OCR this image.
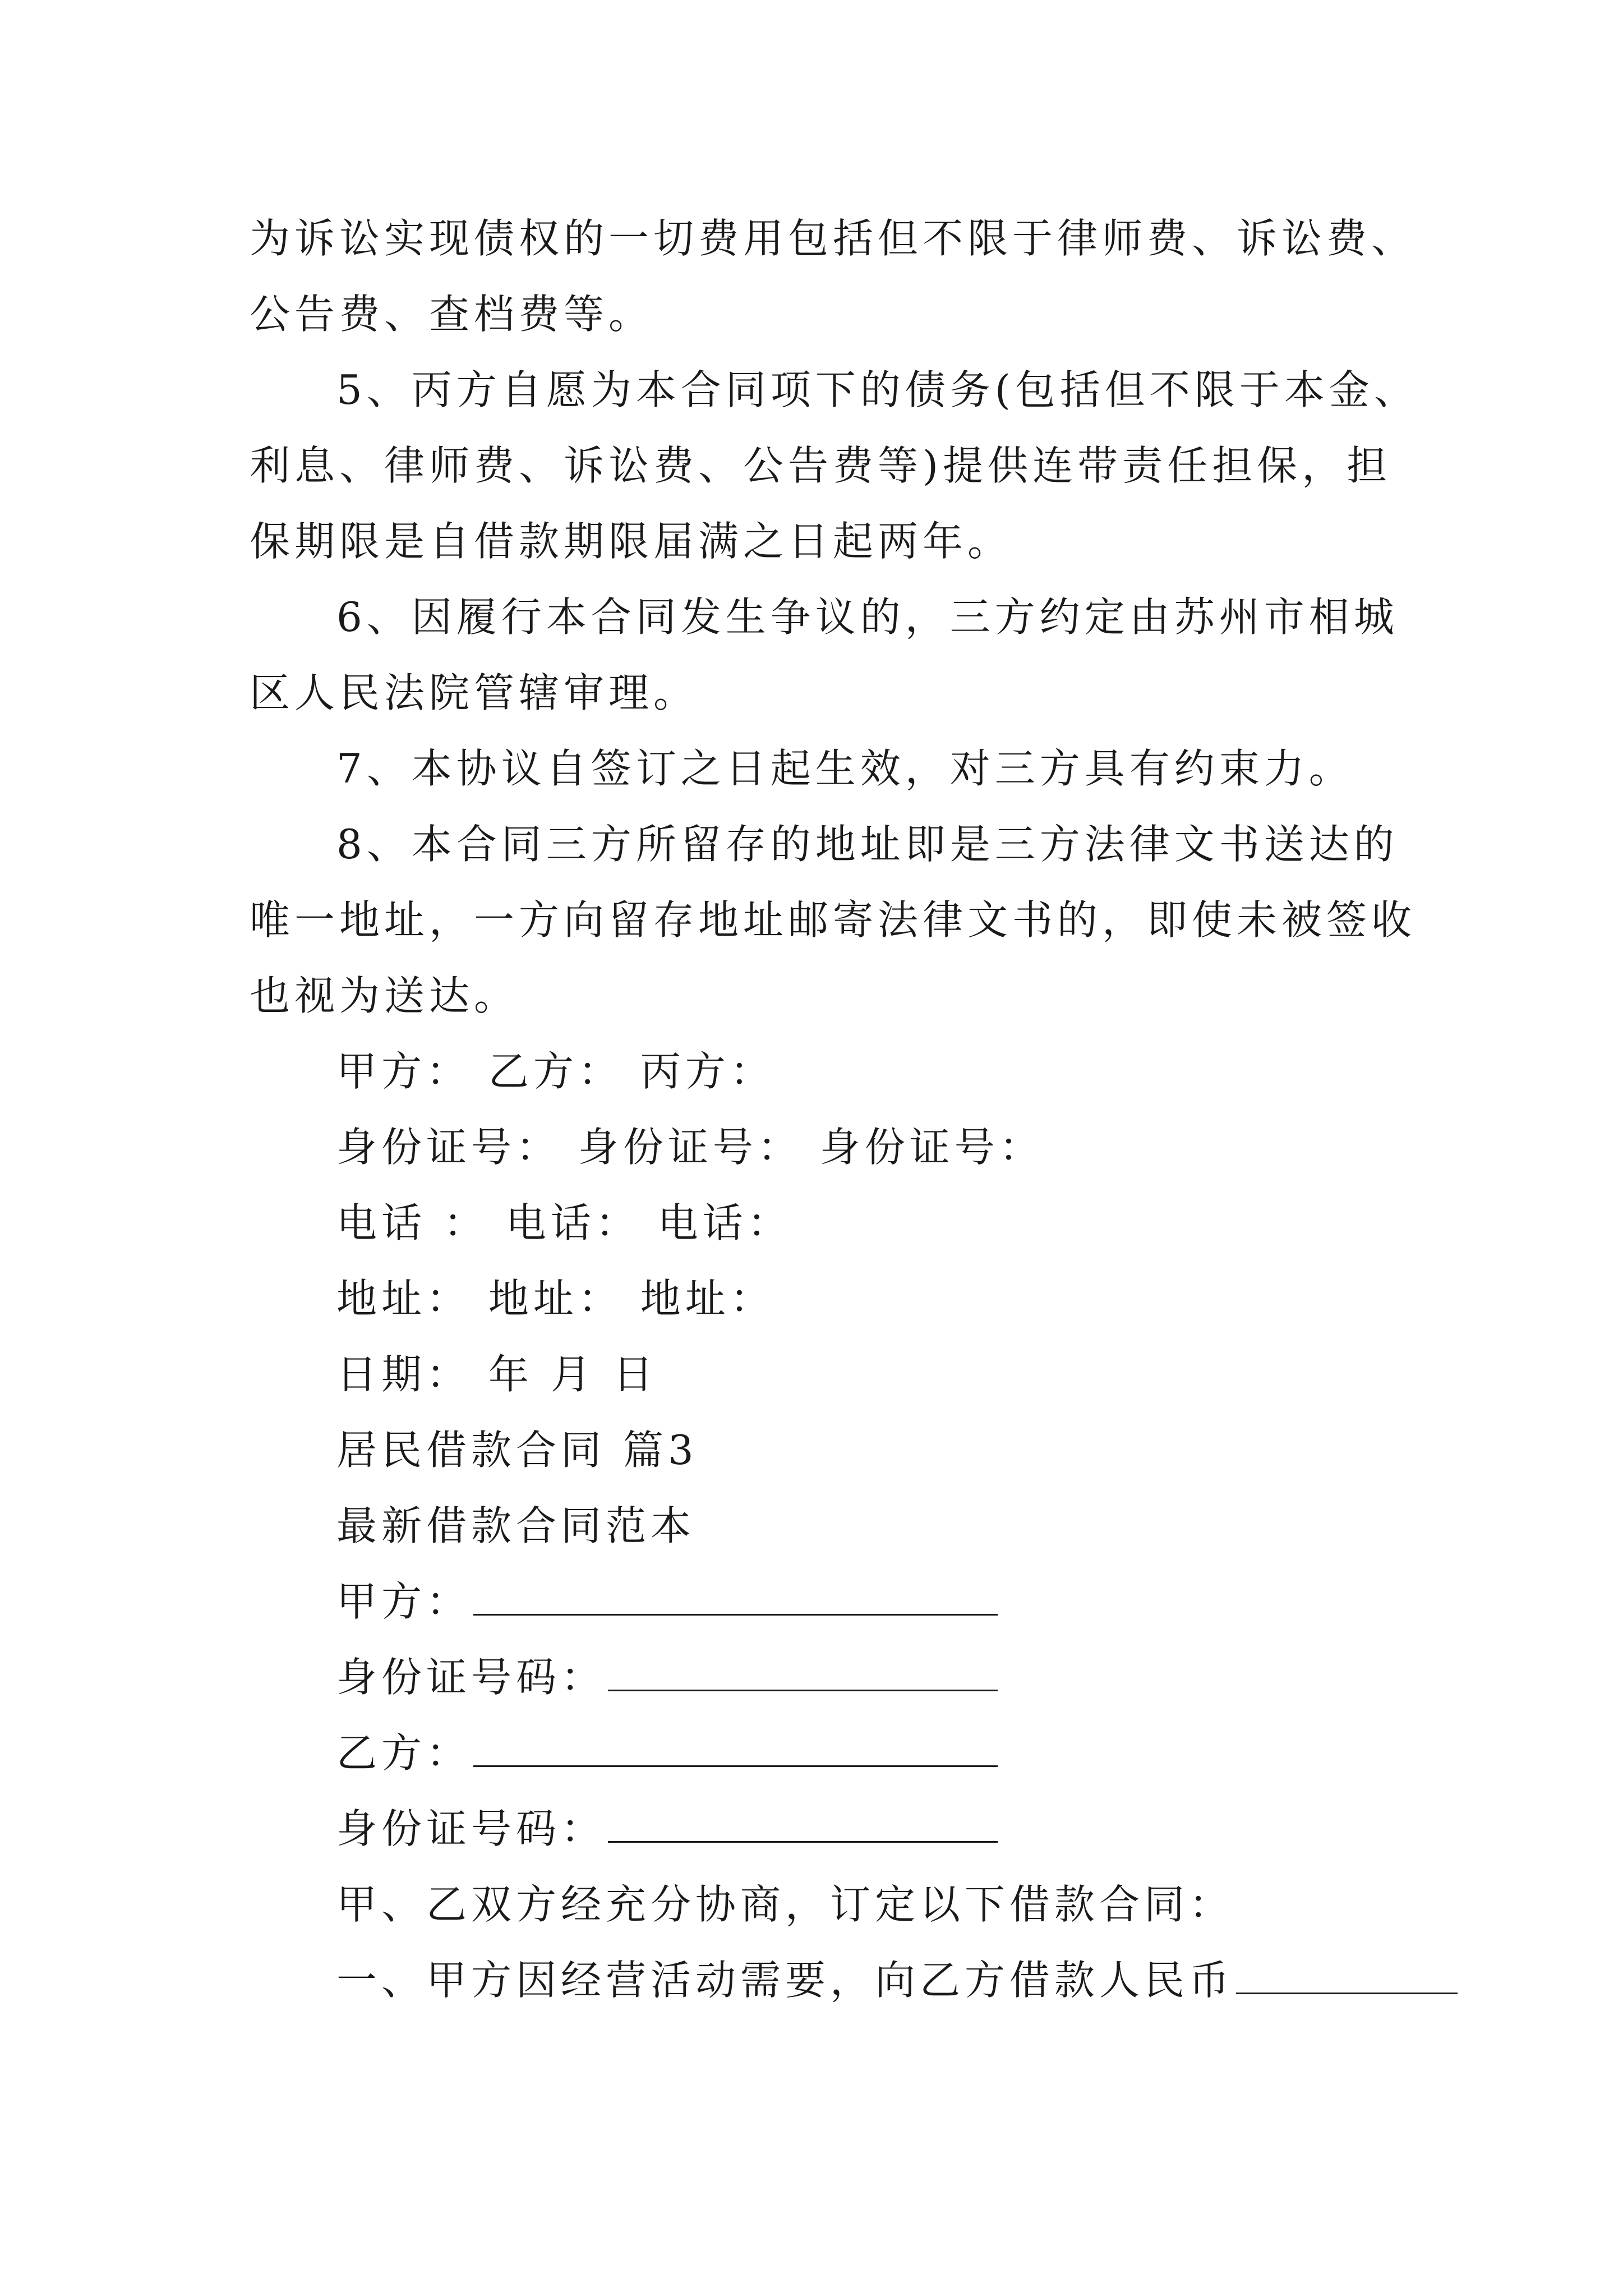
为诉讼实现债权的一切费用包括但不限于律师费、诉讼费、
公告费、查档费等。
5、丙方自愿为本合同项下的债务(包括但不限于本金、
利息、律师费、诉讼费、公告费等)提供连带责任担保，担
保期限是自借款期限届满之日起两年。
6、因履行本合同发生争议的，三方约定由苏州市相城
区人民法院管辖审理。
7、本协议自签订之日起生效，对三方具有约束力。
8、本合同三方所留存的地址即是三方法律文书送达的
唯一地址，一方向留存地址邮寄法律文书的，即使未被签收
也视为送达。
甲方： 乙方： 丙方：
身份证号： 身份证号： 身份证号：
电话 ： 电话： 电话：
地址： 地址： 地址：
日期： 年 月 日
居民借款合同 篇3
最新借款合同范本
甲方：
身份证号码：
乙方：
身份证号码：
甲、乙双方经充分协商，订定以下借款合同：
一、甲方因经营活动需要，向乙方借款人民币
